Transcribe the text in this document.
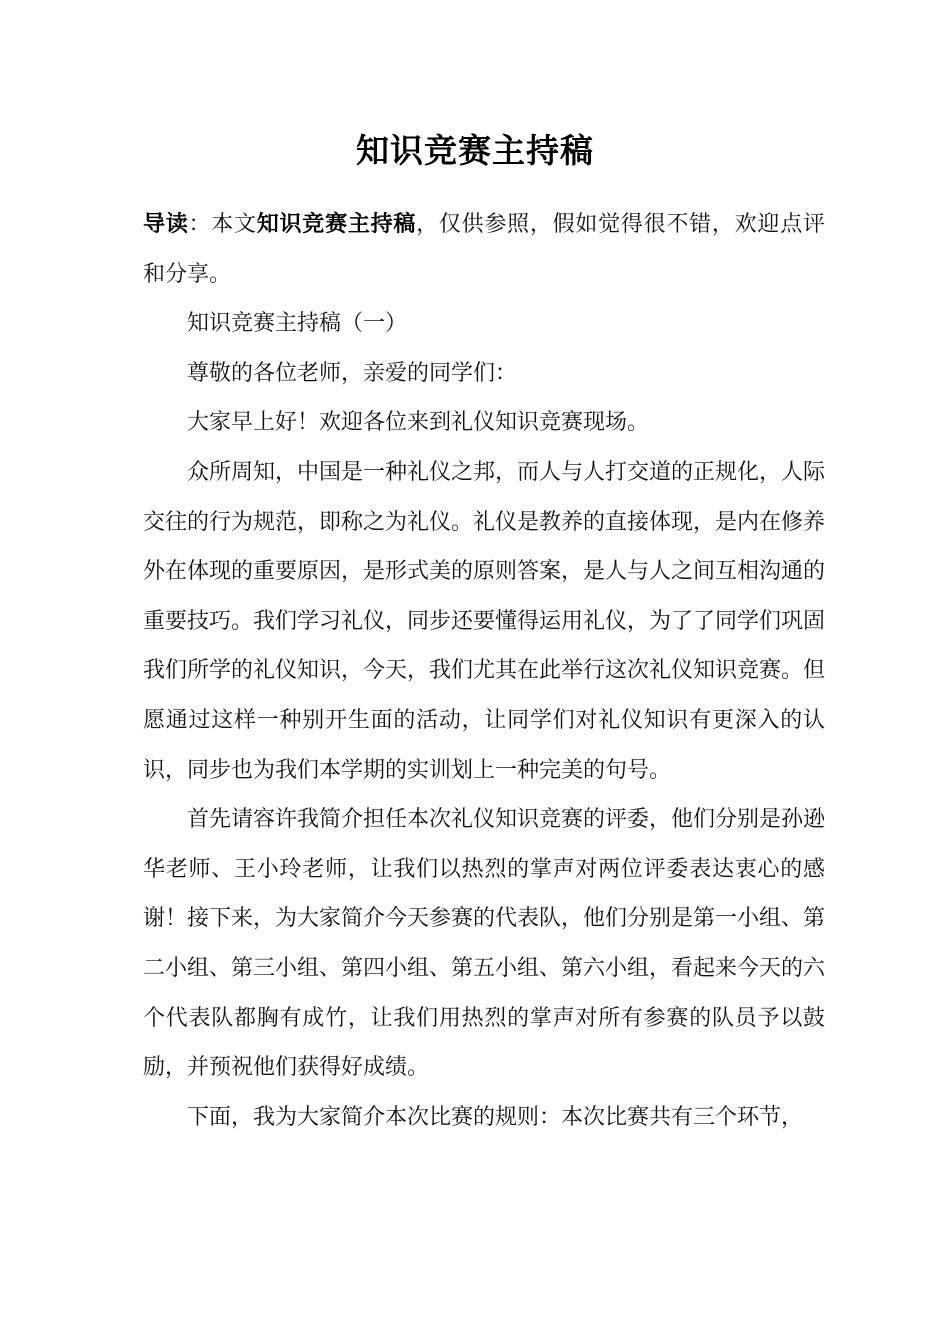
知识竞赛主持稿

导读：本文知识竞赛主持稿，仅供参照，假如觉得很不错，欢迎点评和分享。

知识竞赛主持稿（一）

尊敬的各位老师，亲爱的同学们：

大家早上好！欢迎各位来到礼仪知识竞赛现场。

众所周知，中国是一种礼仪之邦，而人与人打交道的正规化，人际交往的行为规范，即称之为礼仪。礼仪是教养的直接体现，是内在修养外在体现的重要原因，是形式美的原则答案，是人与人之间互相沟通的重要技巧。我们学习礼仪，同步还要懂得运用礼仪，为了了同学们巩固我们所学的礼仪知识，今天，我们尤其在此举行这次礼仪知识竞赛。但愿通过这样一种别开生面的活动，让同学们对礼仪知识有更深入的认识，同步也为我们本学期的实训划上一种完美的句号。

首先请容许我简介担任本次礼仪知识竞赛的评委，他们分别是孙逊华老师、王小玲老师，让我们以热烈的掌声对两位评委表达衷心的感谢！接下来，为大家简介今天参赛的代表队，他们分别是第一小组、第二小组、第三小组、第四小组、第五小组、第六小组，看起来今天的六个代表队都胸有成竹，让我们用热烈的掌声对所有参赛的队员予以鼓励，并预祝他们获得好成绩。

下面，我为大家简介本次比赛的规则：本次比赛共有三个环节，
